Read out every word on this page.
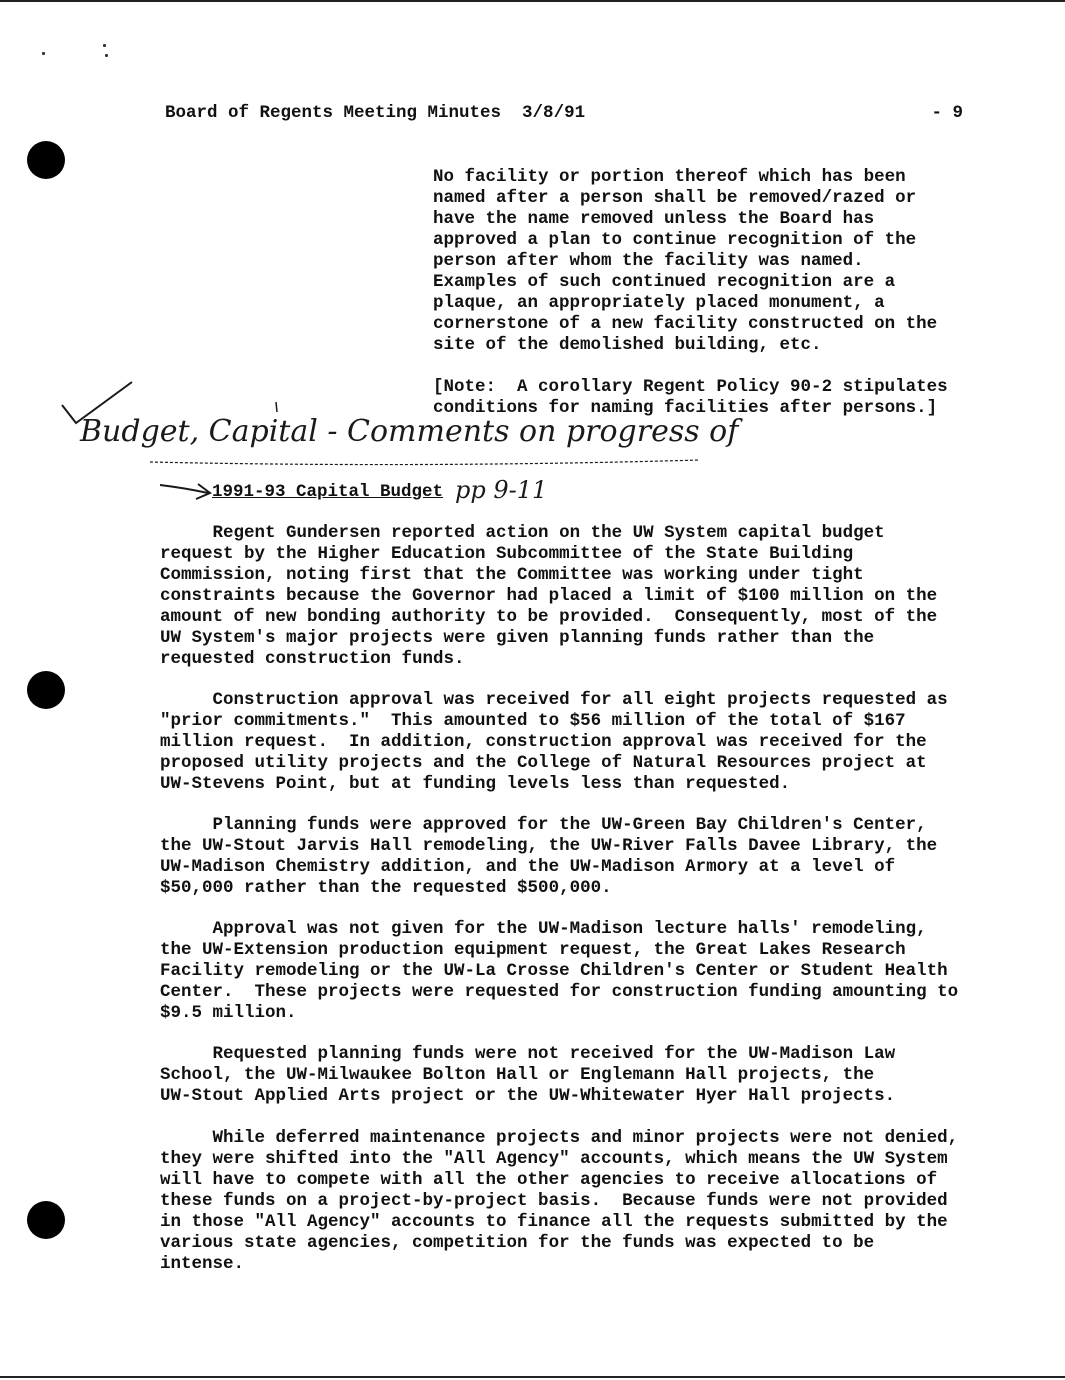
Board of Regents Meeting Minutes  3/8/91	- 9
No facility or portion thereof which has been
named after a person shall be removed/razed or
have the name removed unless the Board has
approved a plan to continue recognition of the
person after whom the facility was named.
Examples of such continued recognition are a
plaque, an appropriately placed monument, a
cornerstone of a new facility constructed on the
site of the demolished building, etc.
[Note:  A corollary Regent Policy 90-2 stipulates
conditions for naming facilities after persons.]
Budget, Capital - Comments on progress of
pp 9-11
1991-93 Capital Budget
Regent Gundersen reported action on the UW System capital budget
request by the Higher Education Subcommittee of the State Building
Commission, noting first that the Committee was working under tight
constraints because the Governor had placed a limit of $100 million on the
amount of new bonding authority to be provided.  Consequently, most of the
UW System's major projects were given planning funds rather than the
requested construction funds.
Construction approval was received for all eight projects requested as
"prior commitments."  This amounted to $56 million of the total of $167
million request.  In addition, construction approval was received for the
proposed utility projects and the College of Natural Resources project at
UW-Stevens Point, but at funding levels less than requested.
Planning funds were approved for the UW-Green Bay Children's Center,
the UW-Stout Jarvis Hall remodeling, the UW-River Falls Davee Library, the
UW-Madison Chemistry addition, and the UW-Madison Armory at a level of
$50,000 rather than the requested $500,000.
Approval was not given for the UW-Madison lecture halls' remodeling,
the UW-Extension production equipment request, the Great Lakes Research
Facility remodeling or the UW-La Crosse Children's Center or Student Health
Center.  These projects were requested for construction funding amounting to
$9.5 million.
Requested planning funds were not received for the UW-Madison Law
School, the UW-Milwaukee Bolton Hall or Englemann Hall projects, the
UW-Stout Applied Arts project or the UW-Whitewater Hyer Hall projects.
While deferred maintenance projects and minor projects were not denied,
they were shifted into the "All Agency" accounts, which means the UW System
will have to compete with all the other agencies to receive allocations of
these funds on a project-by-project basis.  Because funds were not provided
in those "All Agency" accounts to finance all the requests submitted by the
various state agencies, competition for the funds was expected to be
intense.
